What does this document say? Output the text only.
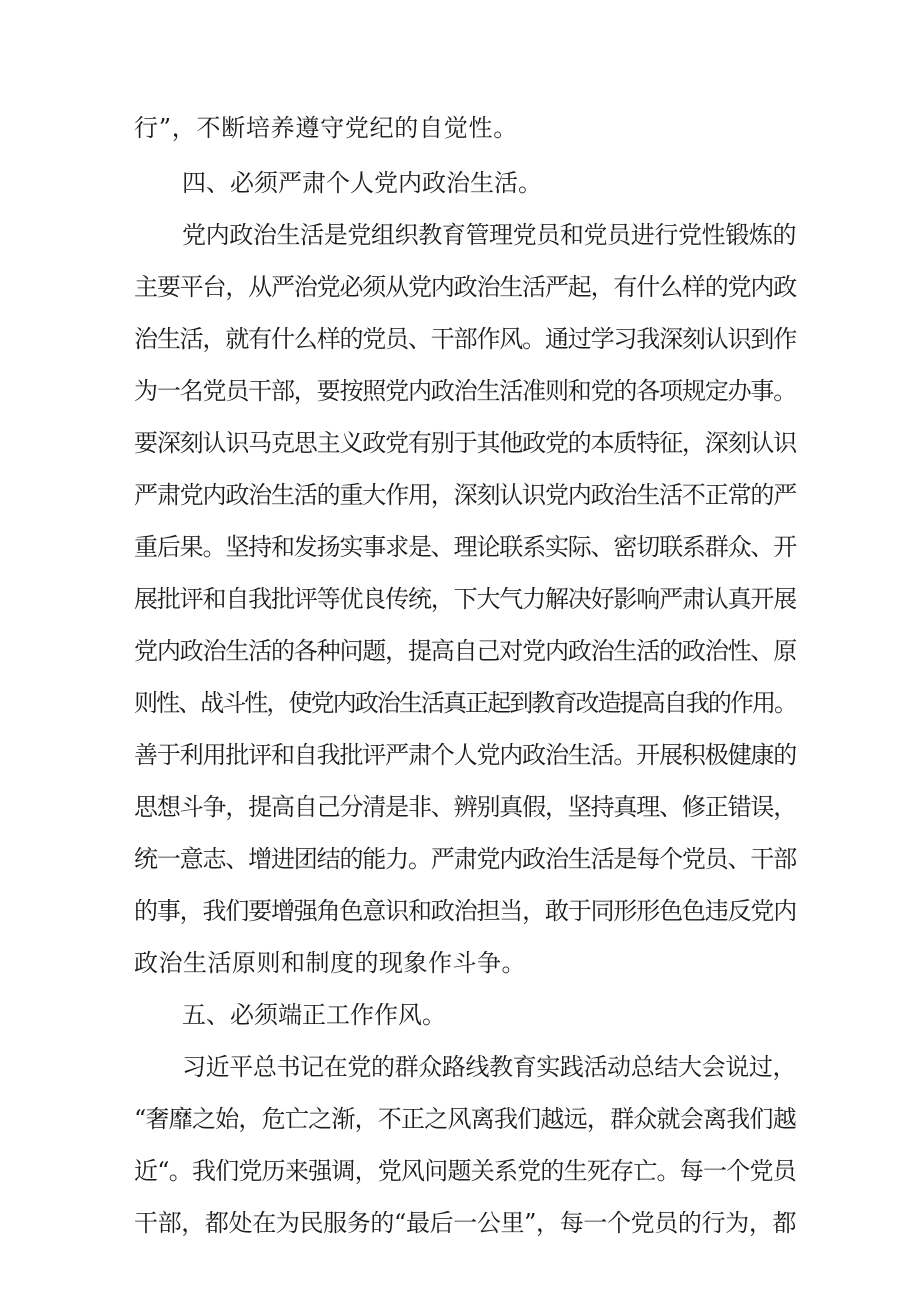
行”，不断培养遵守党纪的自觉性。

四、必须严肃个人党内政治生活。

党内政治生活是党组织教育管理党员和党员进行党性锻炼的

主要平台，从严治党必须从党内政治生活严起，有什么样的党内政

治生活，就有什么样的党员、干部作风。通过学习我深刻认识到作

为一名党员干部，要按照党内政治生活准则和党的各项规定办事。

要深刻认识马克思主义政党有别于其他政党的本质特征，深刻认识

严肃党内政治生活的重大作用，深刻认识党内政治生活不正常的严

重后果。坚持和发扬实事求是、理论联系实际、密切联系群众、开

展批评和自我批评等优良传统，下大气力解决好影响严肃认真开展

党内政治生活的各种问题，提高自己对党内政治生活的政治性、原

则性、战斗性，使党内政治生活真正起到教育改造提高自我的作用。

善于利用批评和自我批评严肃个人党内政治生活。开展积极健康的

思想斗争，提高自己分清是非、辨别真假，坚持真理、修正错误，

统一意志、增进团结的能力。严肃党内政治生活是每个党员、干部

的事，我们要增强角色意识和政治担当，敢于同形形色色违反党内

政治生活原则和制度的现象作斗争。

五、必须端正工作作风。

习近平总书记在党的群众路线教育实践活动总结大会说过，

“奢靡之始，危亡之渐，不正之风离我们越远，群众就会离我们越

近“。我们党历来强调，党风问题关系党的生死存亡。每一个党员

干部，都处在为民服务的“最后一公里”，每一个党员的行为，都
